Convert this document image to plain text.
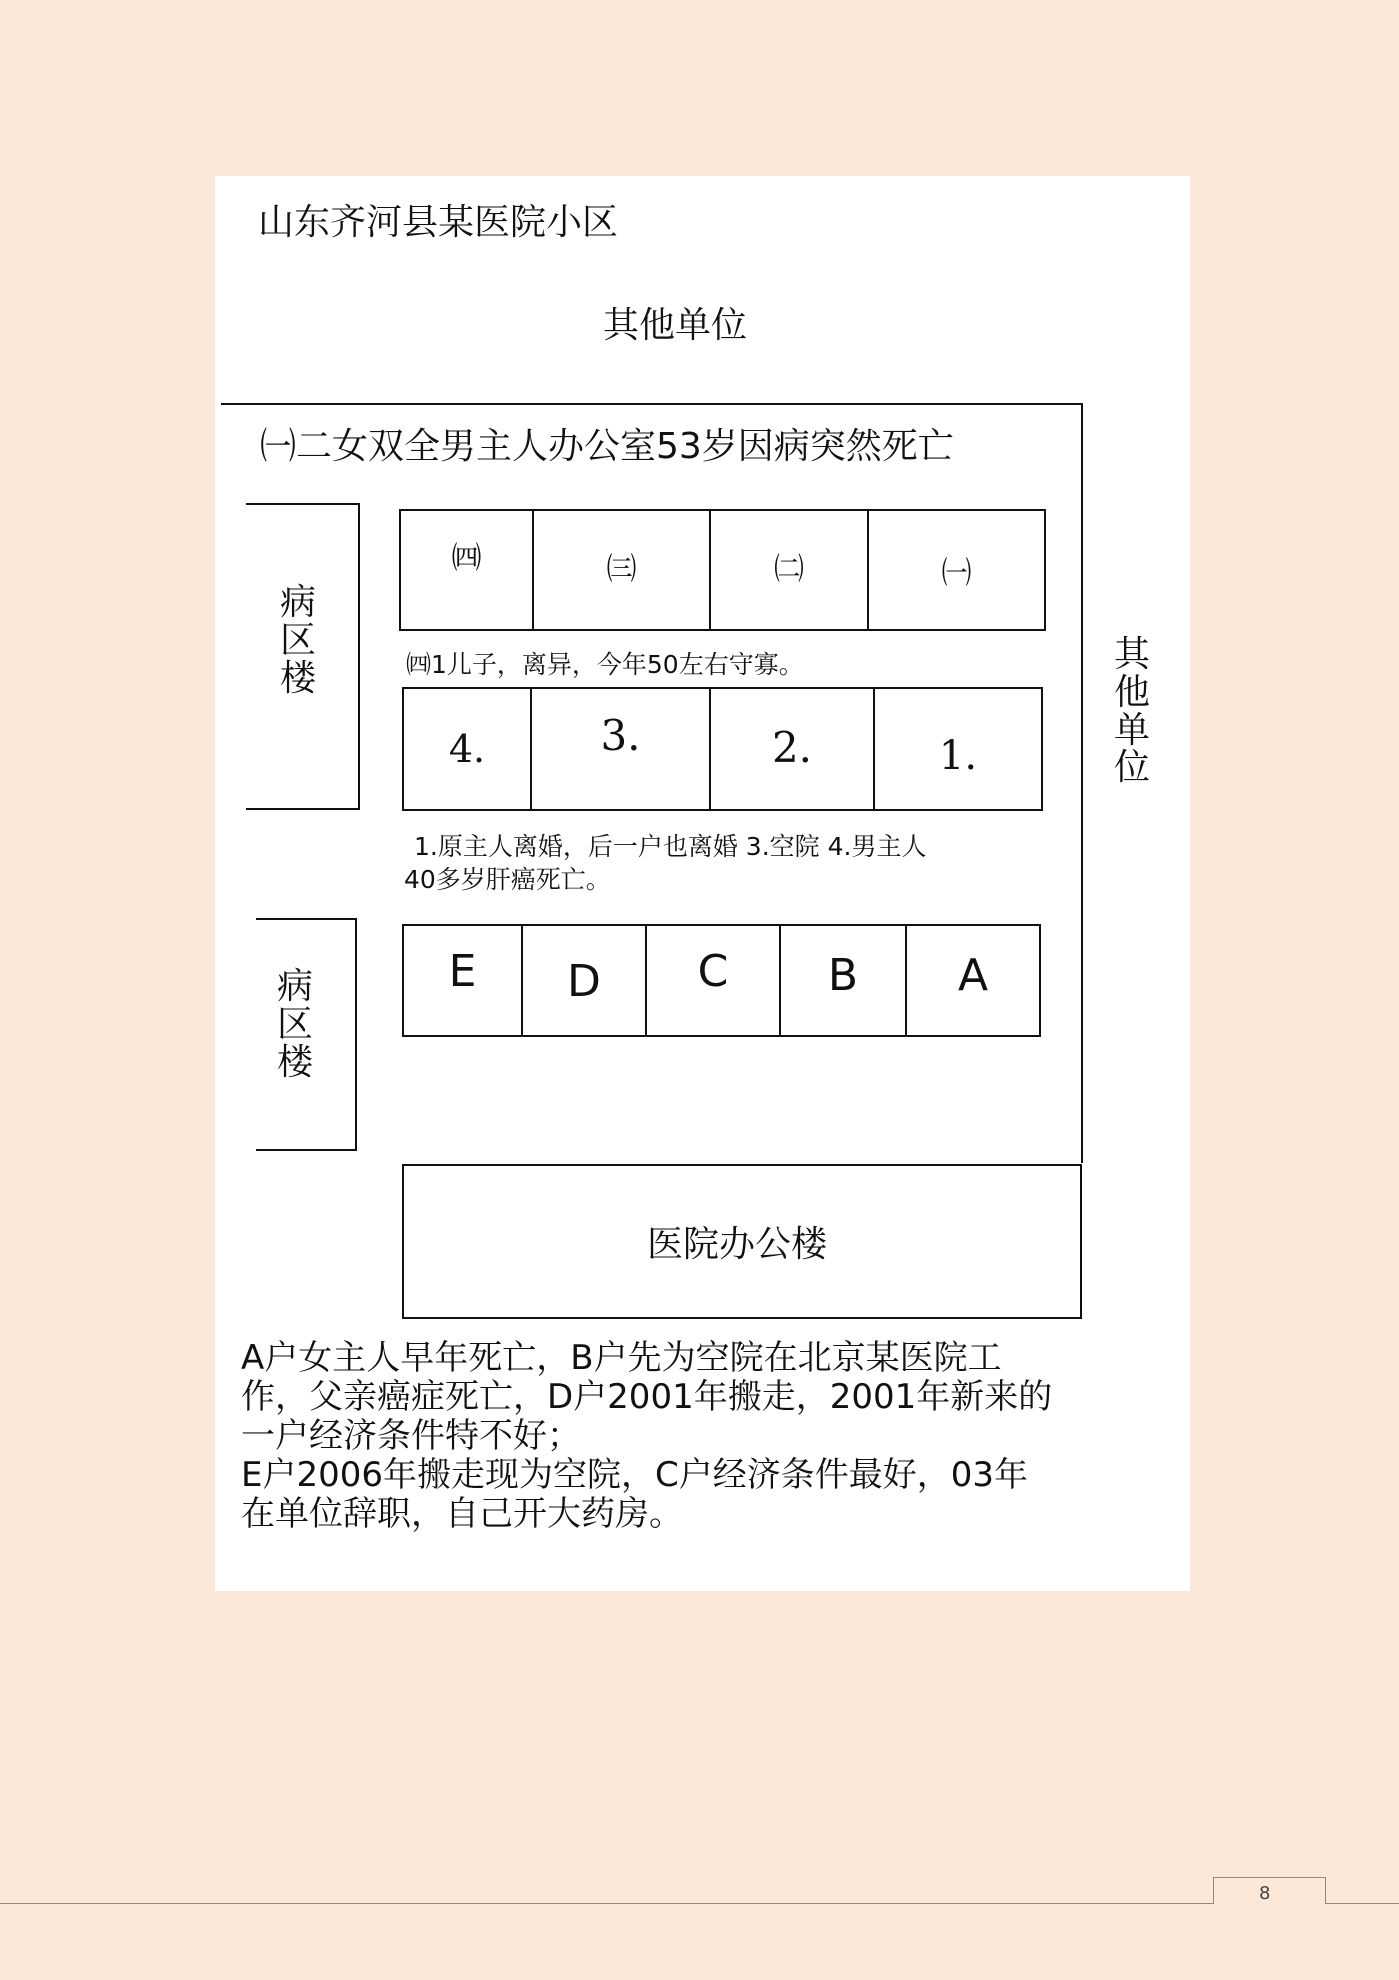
山东齐河县某医院小区
其他单位
其
他
单
位
㈠二女双全男主人办公室53岁因病突然死亡
病
区
楼
病
区
楼
㈣	㈢	㈡	㈠
㈣1儿子，离异，今年50左右守寡。
4.	3.	2.	1.
1.原主人离婚，后一户也离婚 3.空院 4.男主人
40多岁肝癌死亡。
E	D	C	B	A
医院办公楼
A户女主人早年死亡，B户先为空院在北京某医院工
作，父亲癌症死亡，D户2001年搬走，2001年新来的
一户经济条件特不好；
E户2006年搬走现为空院，C户经济条件最好，03年
在单位辞职，自己开大药房。
8
